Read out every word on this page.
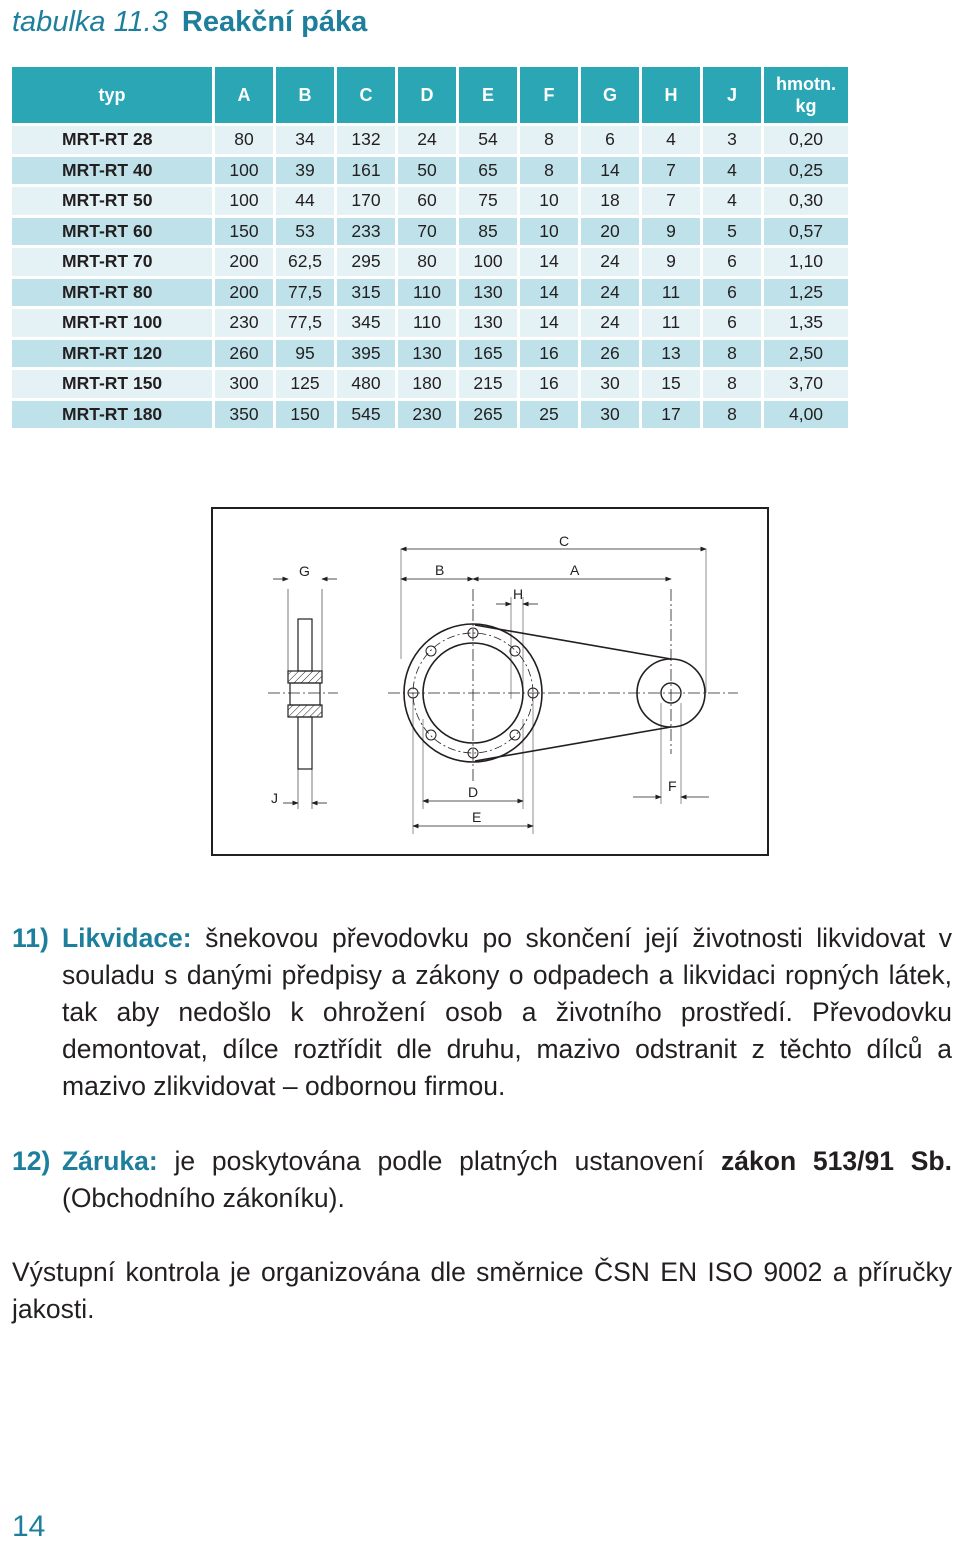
tabulka 11.3 Reakční páka
typ	A	B	C	D	E	F	G	H	J	hmotn.
kg
MRT-RT 28	80	34	132	24	54	8	6	4	3	0,20
MRT-RT 40	100	39	161	50	65	8	14	7	4	0,25
MRT-RT 50	100	44	170	60	75	10	18	7	4	0,30
MRT-RT 60	150	53	233	70	85	10	20	9	5	0,57
MRT-RT 70	200	62,5	295	80	100	14	24	9	6	1,10
MRT-RT 80	200	77,5	315	110	130	14	24	11	6	1,25
MRT-RT 100	230	77,5	345	110	130	14	24	11	6	1,35
MRT-RT 120	260	95	395	130	165	16	26	13	8	2,50
MRT-RT 150	300	125	480	180	215	16	30	15	8	3,70
MRT-RT 180	350	150	545	230	265	25	30	17	8	4,00
C
G	B	A
H
J	D
E
F
11) Likvidace: šnekovou převodovku po skončení její životnosti likvidovat v souladu s danými předpisy a zákony o odpadech a likvidaci ropných látek, tak aby nedošlo k ohrožení osob a životního prostředí. Převodovku demontovat, dílce roztřídit dle druhu, mazivo odstranit z těchto dílců a mazivo zlikvidovat – odbornou firmou.
12) Záruka: je poskytována podle platných ustanovení zákon 513/91 Sb. (Obchodního zákoníku).
Výstupní kontrola je organizována dle směrnice ČSN EN ISO 9002 a příručky jakosti.
14
